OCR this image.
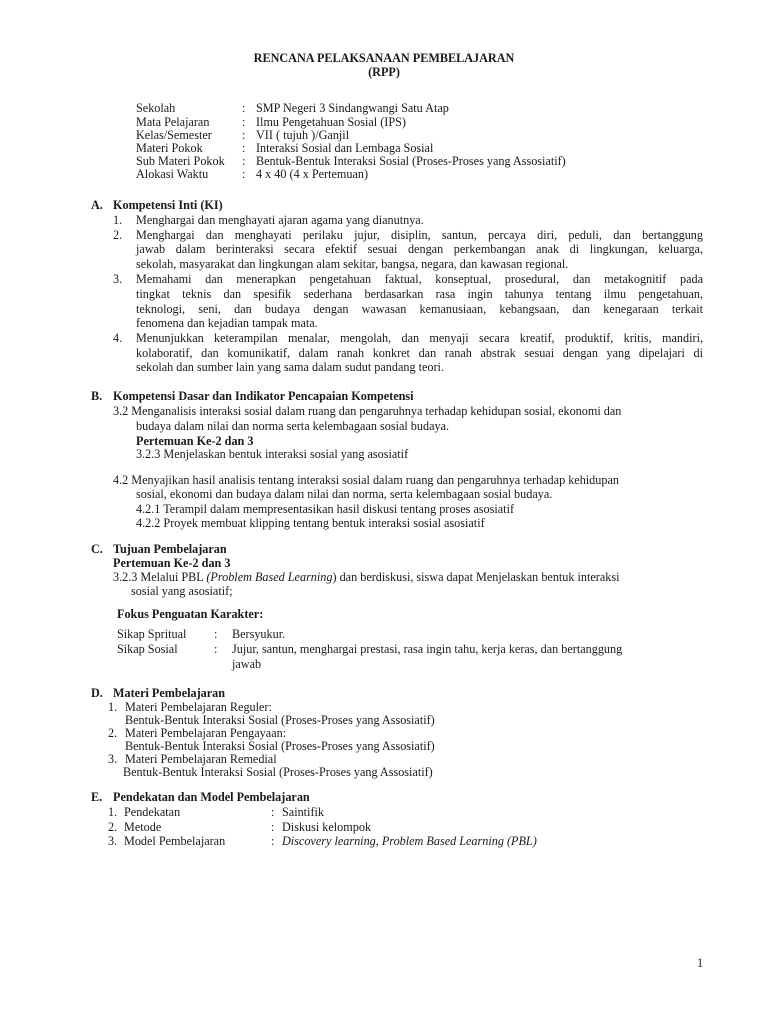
RENCANA PELAKSANAAN PEMBELAJARAN
(RPP)
Sekolah	: SMP Negeri 3 Sindangwangi Satu Atap
Mata Pelajaran	: Ilmu Pengetahuan Sosial (IPS)
Kelas/Semester : VII ( tujuh )/Ganjil
Materi Pokok	: Interaksi Sosial dan Lembaga Sosial
Sub Materi Pokok : Bentuk-Bentuk Interaksi Sosial (Proses-Proses yang Assosiatif)
Alokasi Waktu	: 4 x 40 (4 x Pertemuan)
A. Kompetensi Inti (KI)
1. Menghargai dan menghayati ajaran agama yang dianutnya.
2. Menghargai dan menghayati perilaku jujur, disiplin, santun, percaya diri, peduli, dan bertanggung
jawab dalam berinteraksi secara efektif sesuai dengan perkembangan anak di lingkungan, keluarga,
sekolah, masyarakat dan lingkungan alam sekitar, bangsa, negara, dan kawasan regional.
3. Memahami dan menerapkan pengetahuan faktual, konseptual, prosedural, dan metakognitif pada
tingkat teknis dan spesifik sederhana berdasarkan rasa ingin tahunya tentang ilmu pengetahuan,
teknologi, seni, dan budaya dengan wawasan kemanusiaan, kebangsaan, dan kenegaraan terkait
fenomena dan kejadian tampak mata.
4. Menunjukkan keterampilan menalar, mengolah, dan menyaji secara kreatif, produktif, kritis, mandiri,
kolaboratif, dan komunikatif, dalam ranah konkret dan ranah abstrak sesuai dengan yang dipelajari di
sekolah dan sumber lain yang sama dalam sudut pandang teori.
B. Kompetensi Dasar dan Indikator Pencapaian Kompetensi
3.2 Menganalisis interaksi sosial dalam ruang dan pengaruhnya terhadap kehidupan sosial, ekonomi dan
budaya dalam nilai dan norma serta kelembagaan sosial budaya.
Pertemuan Ke-2 dan 3
3.2.3 Menjelaskan bentuk interaksi sosial yang asosiatif
4.2 Menyajikan hasil analisis tentang interaksi sosial dalam ruang dan pengaruhnya terhadap kehidupan
sosial, ekonomi dan budaya dalam nilai dan norma, serta kelembagaan sosial budaya.
4.2.1 Terampil dalam mempresentasikan hasil diskusi tentang proses asosiatif
4.2.2 Proyek membuat klipping tentang bentuk interaksi sosial asosiatif
C. Tujuan Pembelajaran
Pertemuan Ke-2 dan 3
3.2.3 Melalui PBL (Problem Based Learning) dan berdiskusi, siswa dapat Menjelaskan bentuk interaksi
sosial yang asosiatif;
Fokus Penguatan Karakter:
Sikap Spritual : Bersyukur.
Sikap Sosial	: Jujur, santun, menghargai prestasi, rasa ingin tahu, kerja keras, dan bertanggung
jawab
D. Materi Pembelajaran
1. Materi Pembelajaran Reguler:
Bentuk-Bentuk Interaksi Sosial (Proses-Proses yang Assosiatif)
2. Materi Pembelajaran Pengayaan:
Bentuk-Bentuk Interaksi Sosial (Proses-Proses yang Assosiatif)
3. Materi Pembelajaran Remedial
Bentuk-Bentuk Interaksi Sosial (Proses-Proses yang Assosiatif)
E. Pendekatan dan Model Pembelajaran
1. Pendekatan	: Saintifik
2. Metode	: Diskusi kelompok
3. Model Pembelajaran	: Discovery learning, Problem Based Learning (PBL)
1
